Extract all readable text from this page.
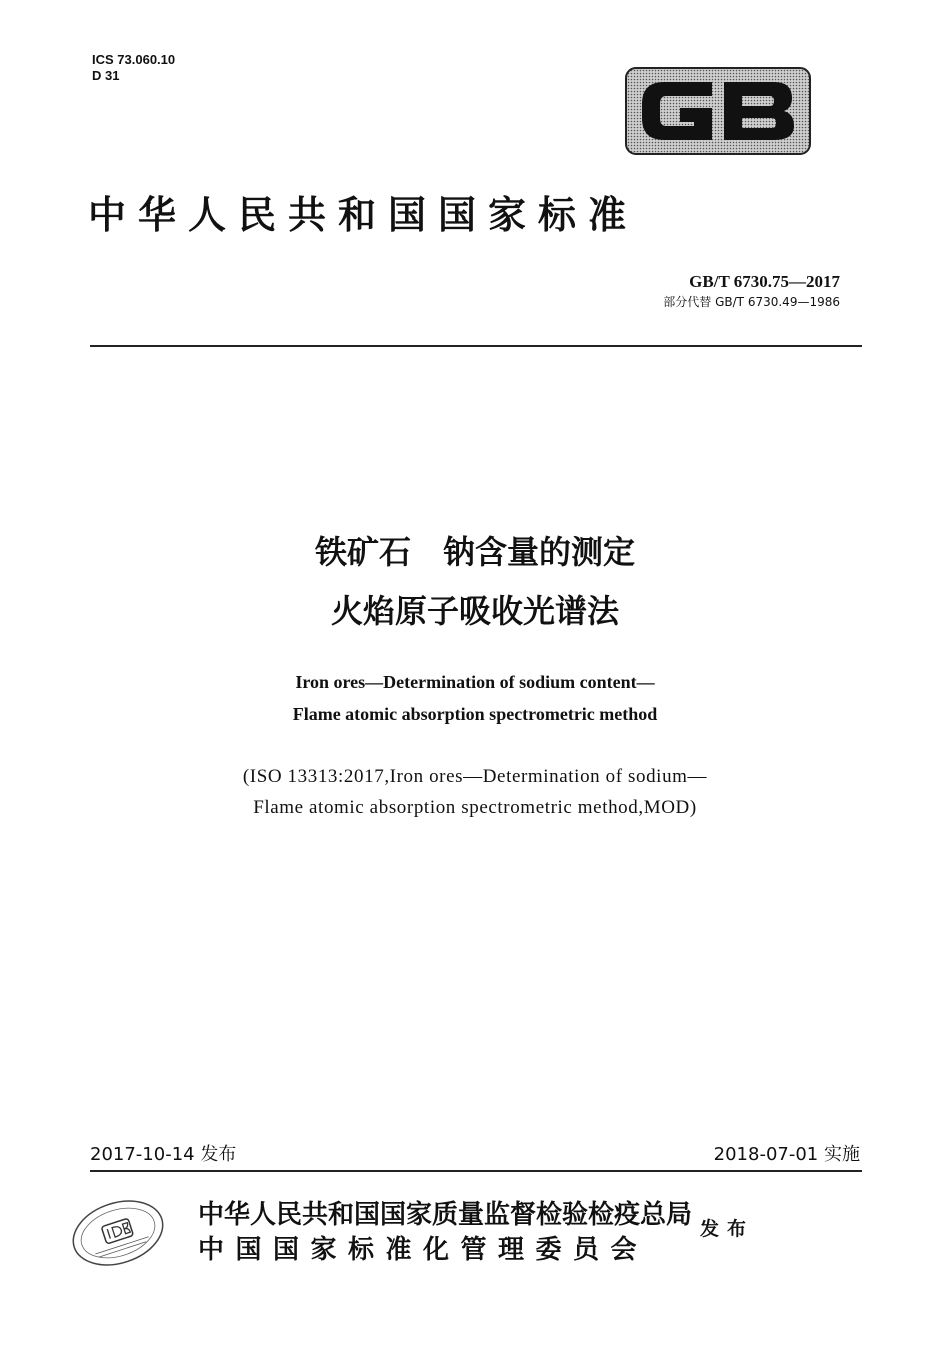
ICS 73.060.10
D 31
中华人民共和国国家标准
GB/T 6730.75—2017
部分代替 GB/T 6730.49—1986
铁矿石　钠含量的测定
火焰原子吸收光谱法
Iron ores—Determination of sodium content—
Flame atomic absorption spectrometric method
(ISO 13313:2017,Iron ores—Determination of sodium—
Flame atomic absorption spectrometric method,MOD)
2017-10-14 发布	2018-07-01 实施
中华人民共和国国家质量监督检验检疫总局
中国国家标准化管理委员会
发布
